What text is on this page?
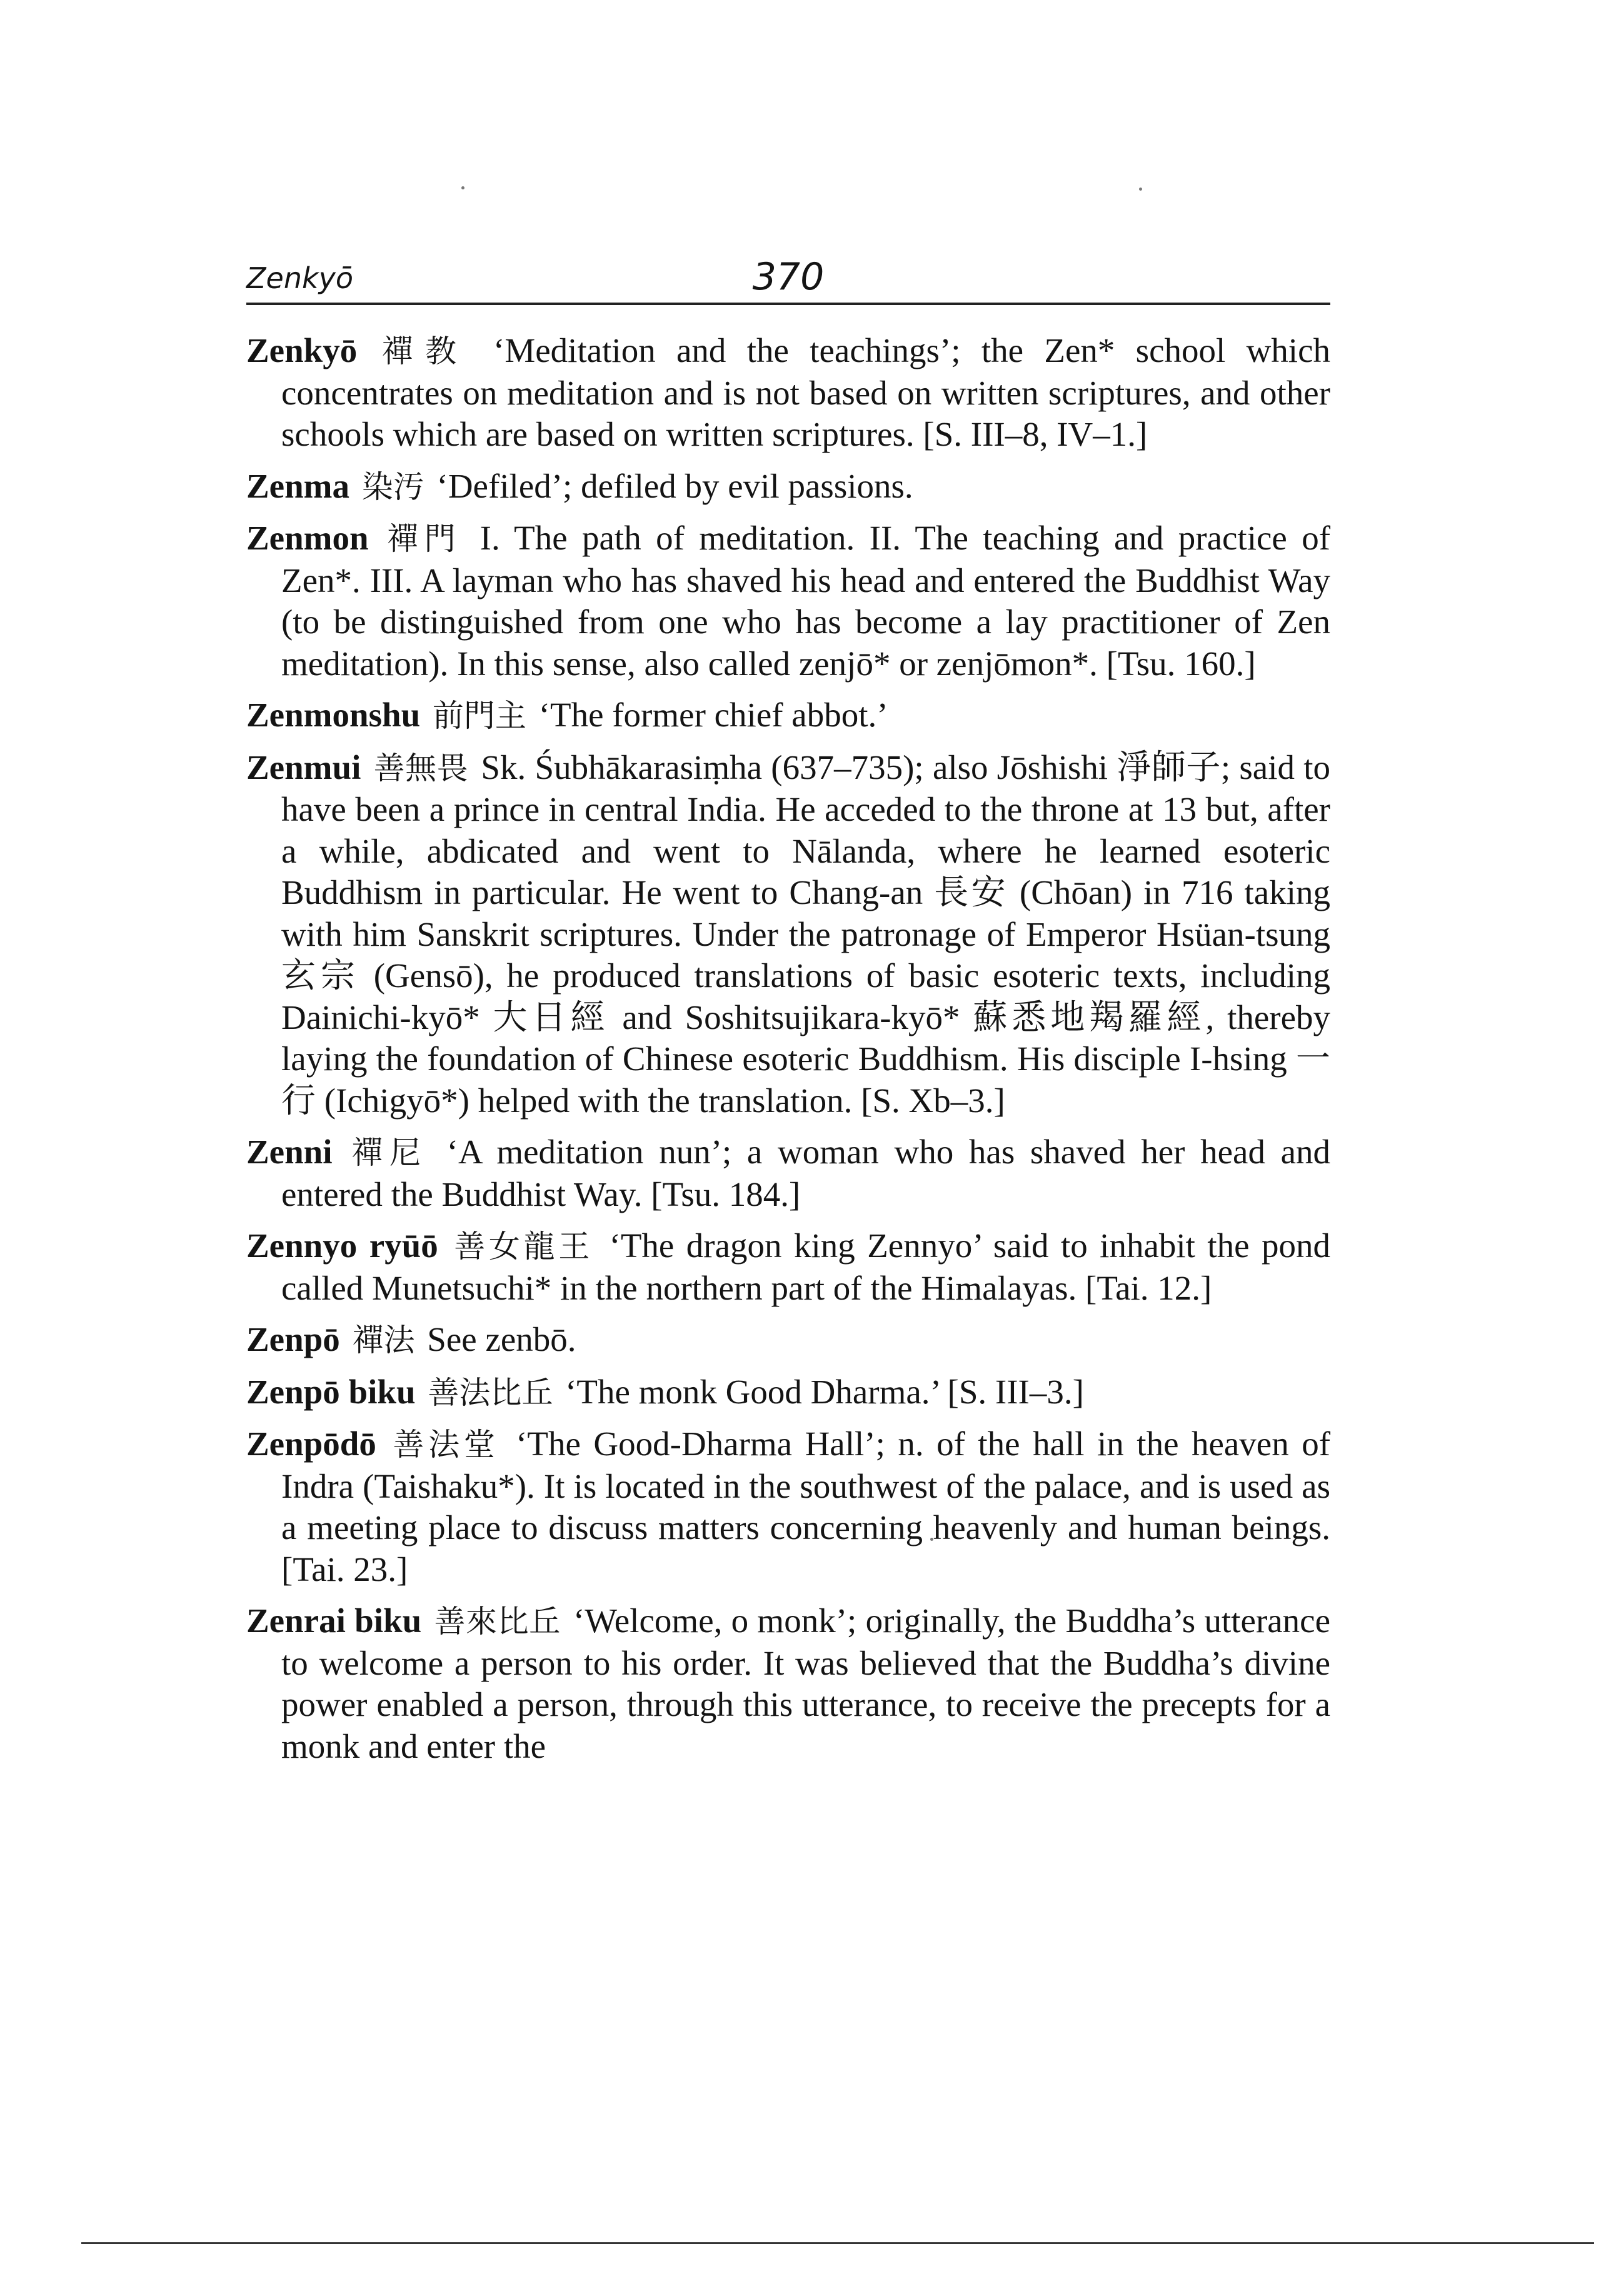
Zenkyō	370

Zenkyō 禪教 ‘Meditation and the teachings’; the Zen* school which concentrates on meditation and is not based on written scriptures, and other schools which are based on written scriptures. [S. III–8, IV–1.]

Zenma 染汚 ‘Defiled’; defiled by evil passions.

Zenmon 禪門 I. The path of meditation. II. The teaching and practice of Zen*. III. A layman who has shaved his head and entered the Buddhist Way (to be distinguished from one who has become a lay practitioner of Zen meditation). In this sense, also called zenjō* or zenjōmon*. [Tsu. 160.]

Zenmonshu 前門主 ‘The former chief abbot.’

Zenmui 善無畏 Sk. Śubhākarasiṃha (637–735); also Jōshishi 淨師子; said to have been a prince in central India. He acceded to the throne at 13 but, after a while, abdicated and went to Nālanda, where he learned esoteric Buddhism in particular. He went to Chang-an 長安 (Chōan) in 716 taking with him Sanskrit scriptures. Under the patronage of Emperor Hsüan-tsung 玄宗 (Gensō), he produced translations of basic esoteric texts, including Dainichi-kyō* 大日經 and Soshitsujikara-kyō* 蘇悉地羯羅經, thereby laying the foundation of Chinese esoteric Buddhism. His disciple I-hsing 一行 (Ichigyō*) helped with the translation. [S. Xb–3.]

Zenni 禪尼 ‘A meditation nun’; a woman who has shaved her head and entered the Buddhist Way. [Tsu. 184.]

Zennyo ryūō 善女龍王 ‘The dragon king Zennyo’ said to inhabit the pond called Munetsuchi* in the northern part of the Himalayas. [Tai. 12.]

Zenpō 禪法 See zenbō.

Zenpō biku 善法比丘 ‘The monk Good Dharma.’ [S. III–3.]

Zenpōdō 善法堂 ‘The Good-Dharma Hall’; n. of the hall in the heaven of Indra (Taishaku*). It is located in the southwest of the palace, and is used as a meeting place to discuss matters concerning heavenly and human beings. [Tai. 23.]

Zenrai biku 善來比丘 ‘Welcome, o monk’; originally, the Buddha’s utterance to welcome a person to his order. It was believed that the Buddha’s divine power enabled a person, through this utterance, to receive the precepts for a monk and enter the
